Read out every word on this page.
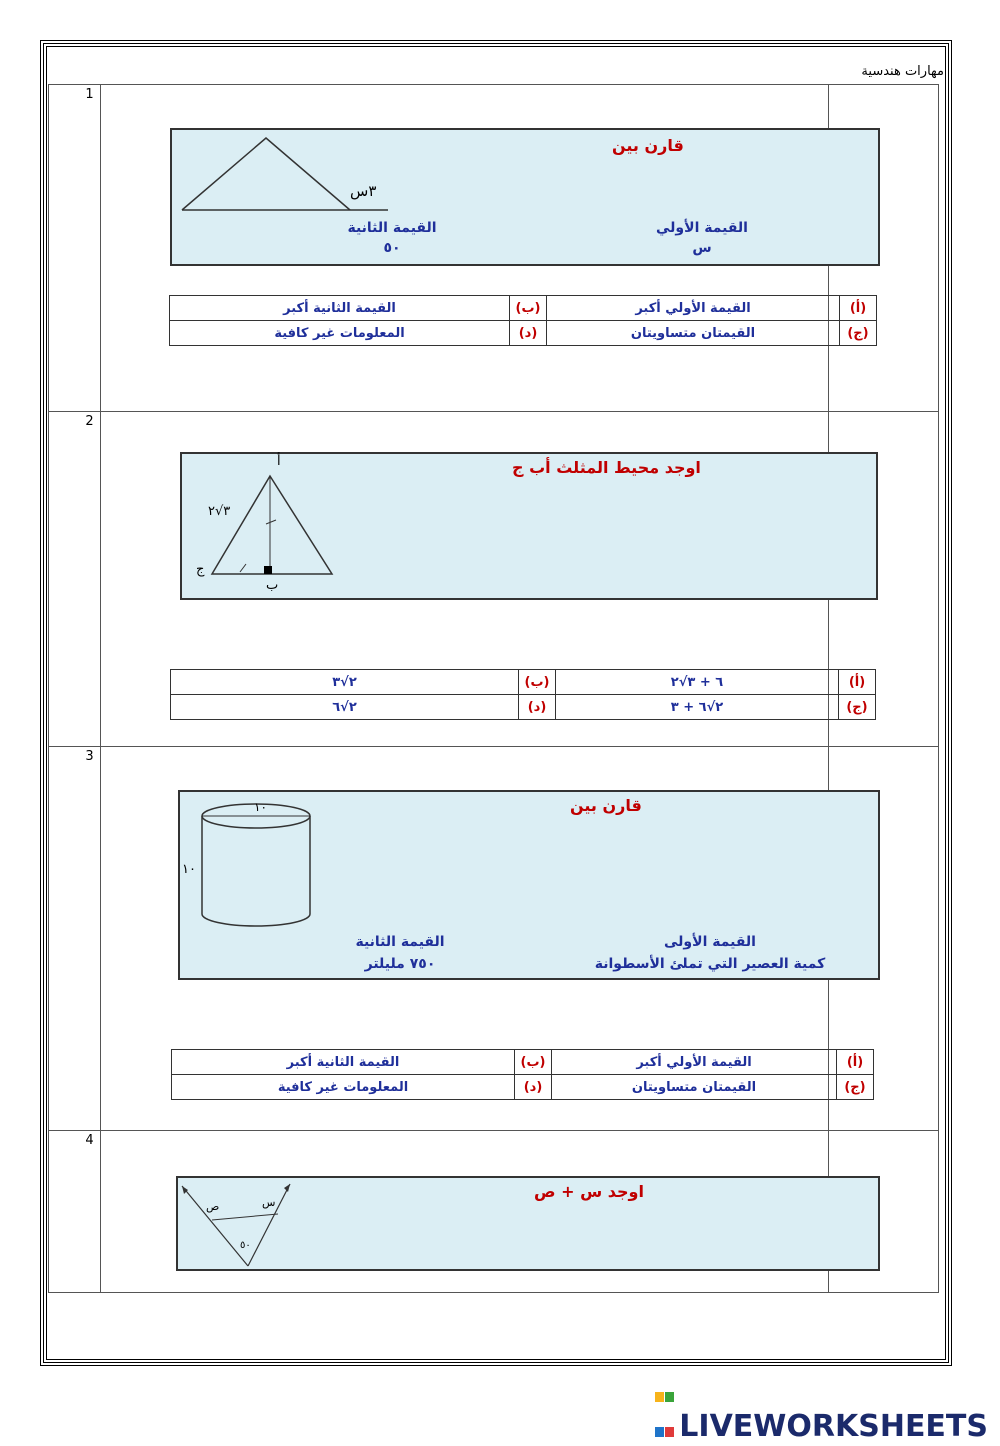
مهارات هندسية
1		
2		
3		
4		

٣س
قارن بين
القيمة الأولي
س
القيمة الثانية
٥٠
(أ)	القيمة الأولي أكبر	(ب)	القيمة الثانية أكبر
(ج)	القيمتان متساويتان	(د)	المعلومات غير كافية
أ
ب
ج
٣√٢
اوجد محيط المثلث أب ج
(أ)	٦ + ٣√٢	(ب)	٢√٣
(ج)	٢√٦ + ٣	(د)	٢√٦
١٠
١٠
قارن بين
القيمة الأولى
كمية العصير التي تملئ الأسطوانة
القيمة الثانية
٧٥٠ مليلتر
(أ)	القيمة الأولي أكبر	(ب)	القيمة الثانية أكبر
(ج)	القيمتان متساويتان	(د)	المعلومات غير كافية
ص	س
٥٠
اوجد س + ص
LIVEWORKSHEETS
